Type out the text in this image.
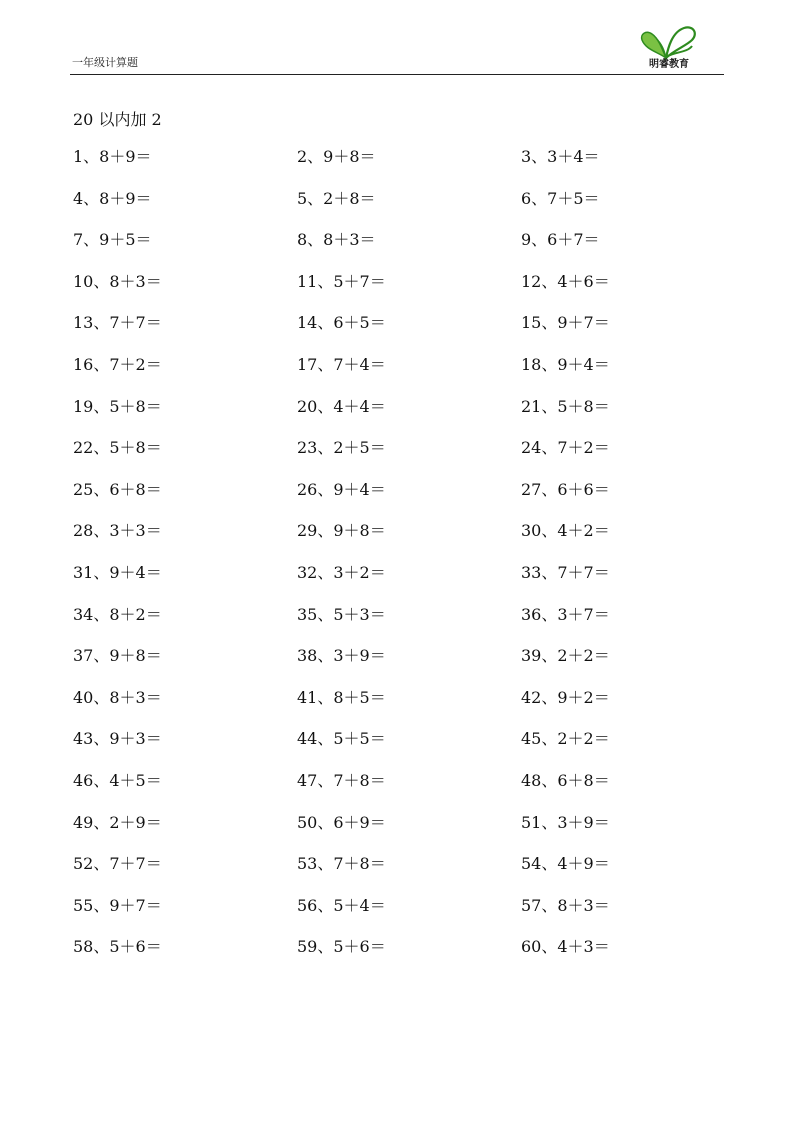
一年级计算题	明睿教育
20 以内加 2
1、8＋9＝	2、9＋8＝	3、3＋4＝
4、8＋9＝	5、2＋8＝	6、7＋5＝
7、9＋5＝	8、8＋3＝	9、6＋7＝
10、8＋3＝	11、5＋7＝	12、4＋6＝
13、7＋7＝	14、6＋5＝	15、9＋7＝
16、7＋2＝	17、7＋4＝	18、9＋4＝
19、5＋8＝	20、4＋4＝	21、5＋8＝
22、5＋8＝	23、2＋5＝	24、7＋2＝
25、6＋8＝	26、9＋4＝	27、6＋6＝
28、3＋3＝	29、9＋8＝	30、4＋2＝
31、9＋4＝	32、3＋2＝	33、7＋7＝
34、8＋2＝	35、5＋3＝	36、3＋7＝
37、9＋8＝	38、3＋9＝	39、2＋2＝
40、8＋3＝	41、8＋5＝	42、9＋2＝
43、9＋3＝	44、5＋5＝	45、2＋2＝
46、4＋5＝	47、7＋8＝	48、6＋8＝
49、2＋9＝	50、6＋9＝	51、3＋9＝
52、7＋7＝	53、7＋8＝	54、4＋9＝
55、9＋7＝	56、5＋4＝	57、8＋3＝
58、5＋6＝	59、5＋6＝	60、4＋3＝
